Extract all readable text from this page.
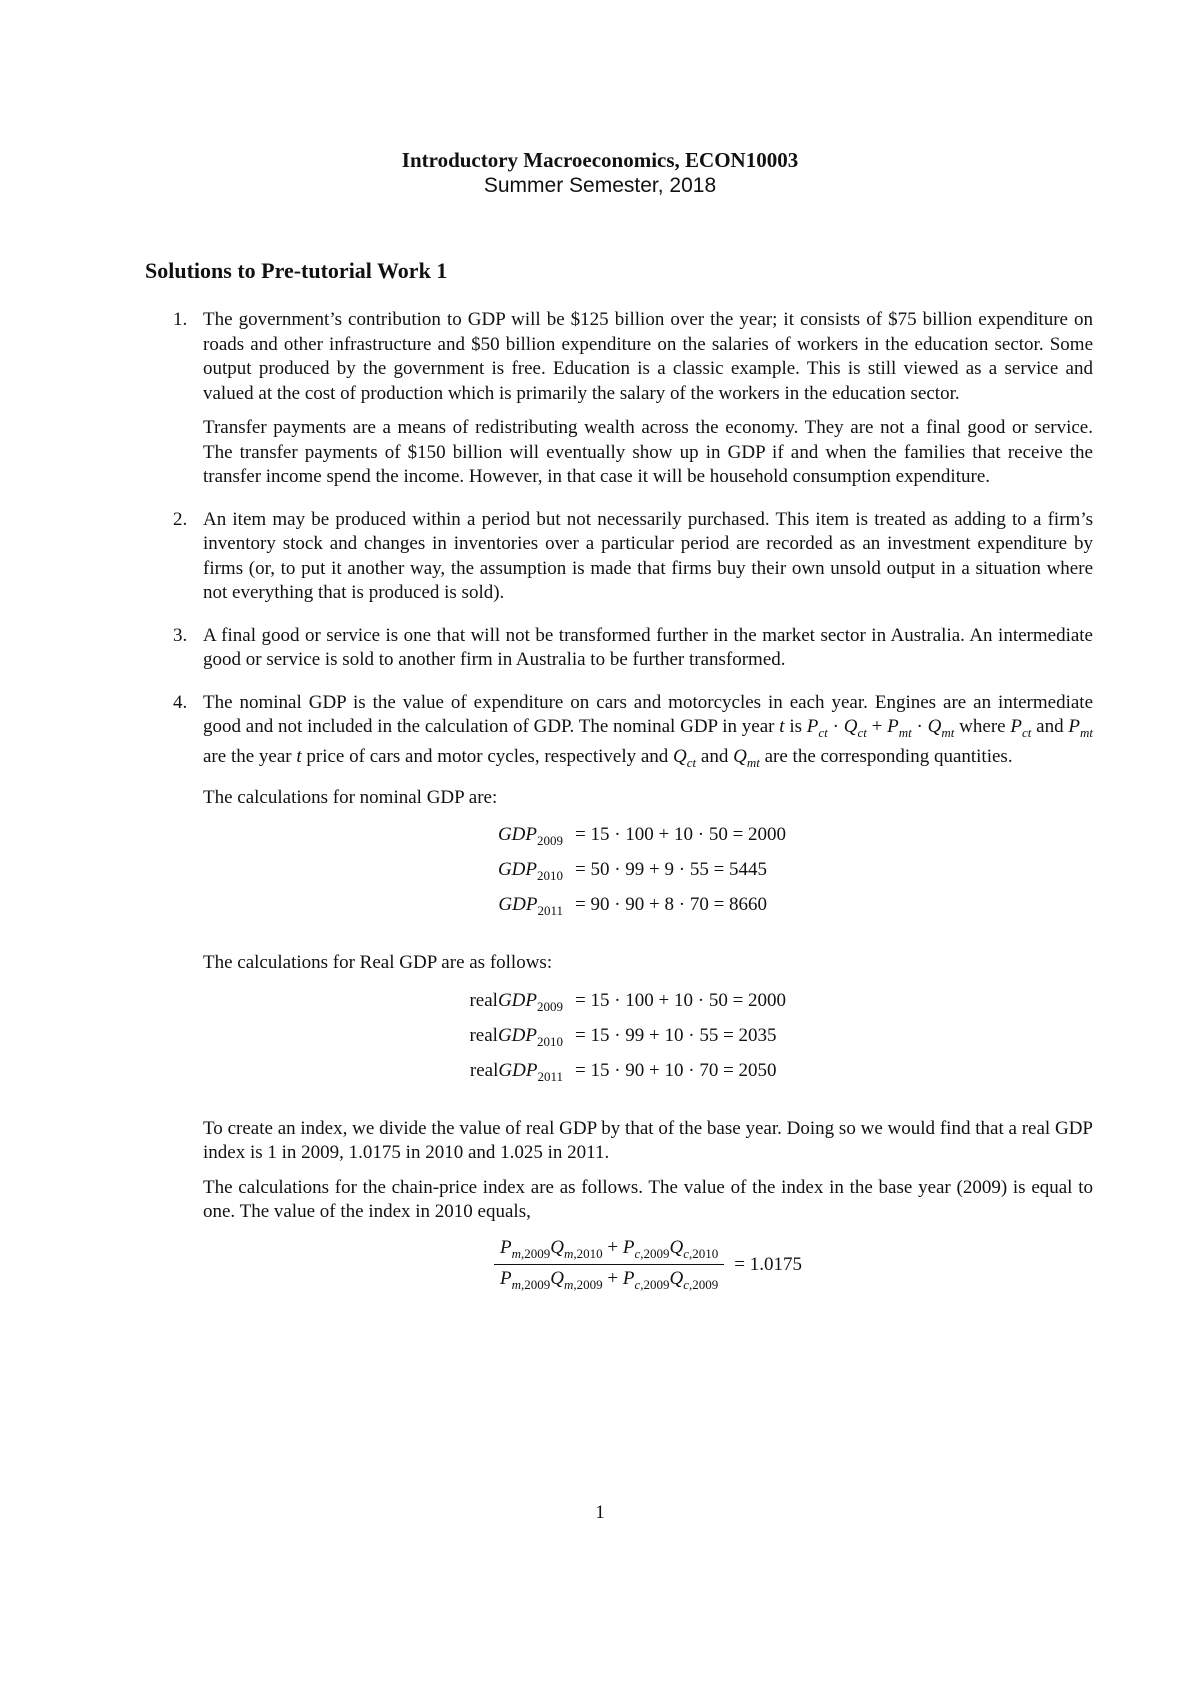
Introductory Macroeconomics, ECON10003
Summer Semester, 2018
Solutions to Pre-tutorial Work 1
1. The government’s contribution to GDP will be $125 billion over the year; it consists of $75 billion expenditure on roads and other infrastructure and $50 billion expenditure on the salaries of workers in the education sector. Some output produced by the government is free. Education is a classic example. This is still viewed as a service and valued at the cost of production which is primarily the salary of the workers in the education sector.

Transfer payments are a means of redistributing wealth across the economy. They are not a final good or service. The transfer payments of $150 billion will eventually show up in GDP if and when the families that receive the transfer income spend the income. However, in that case it will be household consumption expenditure.

2. An item may be produced within a period but not necessarily purchased. This item is treated as adding to a firm’s inventory stock and changes in inventories over a particular period are recorded as an investment expenditure by firms (or, to put it another way, the assumption is made that firms buy their own unsold output in a situation where not everything that is produced is sold).

3. A final good or service is one that will not be transformed further in the market sector in Australia. An intermediate good or service is sold to another firm in Australia to be further transformed.

4. The nominal GDP is the value of expenditure on cars and motorcycles in each year. Engines are an intermediate good and not included in the calculation of GDP. The nominal GDP in year t is $P_{ct} \cdot Q_{ct} + P_{mt} \cdot Q_{mt}$ where $P_{ct}$ and $P_{mt}$ are the year t price of cars and motor cycles, respectively and $Q_{ct}$ and $Q_{mt}$ are the corresponding quantities.

The calculations for nominal GDP are:

$GDP_{2009} = 15 \cdot 100 + 10 \cdot 50 = 2000$
$GDP_{2010} = 50 \cdot 99 + 9 \cdot 55 = 5445$
$GDP_{2011} = 90 \cdot 90 + 8 \cdot 70 = 8660$

The calculations for Real GDP are as follows:

realGDP$_{2009}$ = 15 · 100 + 10 · 50 = 2000
realGDP$_{2010}$ = 15 · 99 + 10 · 55 = 2035
realGDP$_{2011}$ = 15 · 90 + 10 · 70 = 2050

To create an index, we divide the value of real GDP by that of the base year. Doing so we would find that a real GDP index is 1 in 2009, 1.0175 in 2010 and 1.025 in 2011.

The calculations for the chain-price index are as follows. The value of the index in the base year (2009) is equal to one. The value of the index in 2010 equals,

$\frac{P_{m,2009}Q_{m,2010} + P_{c,2009}Q_{c,2010}}{P_{m,2009}Q_{m,2009} + P_{c,2009}Q_{c,2009}} = 1.0175$
1
